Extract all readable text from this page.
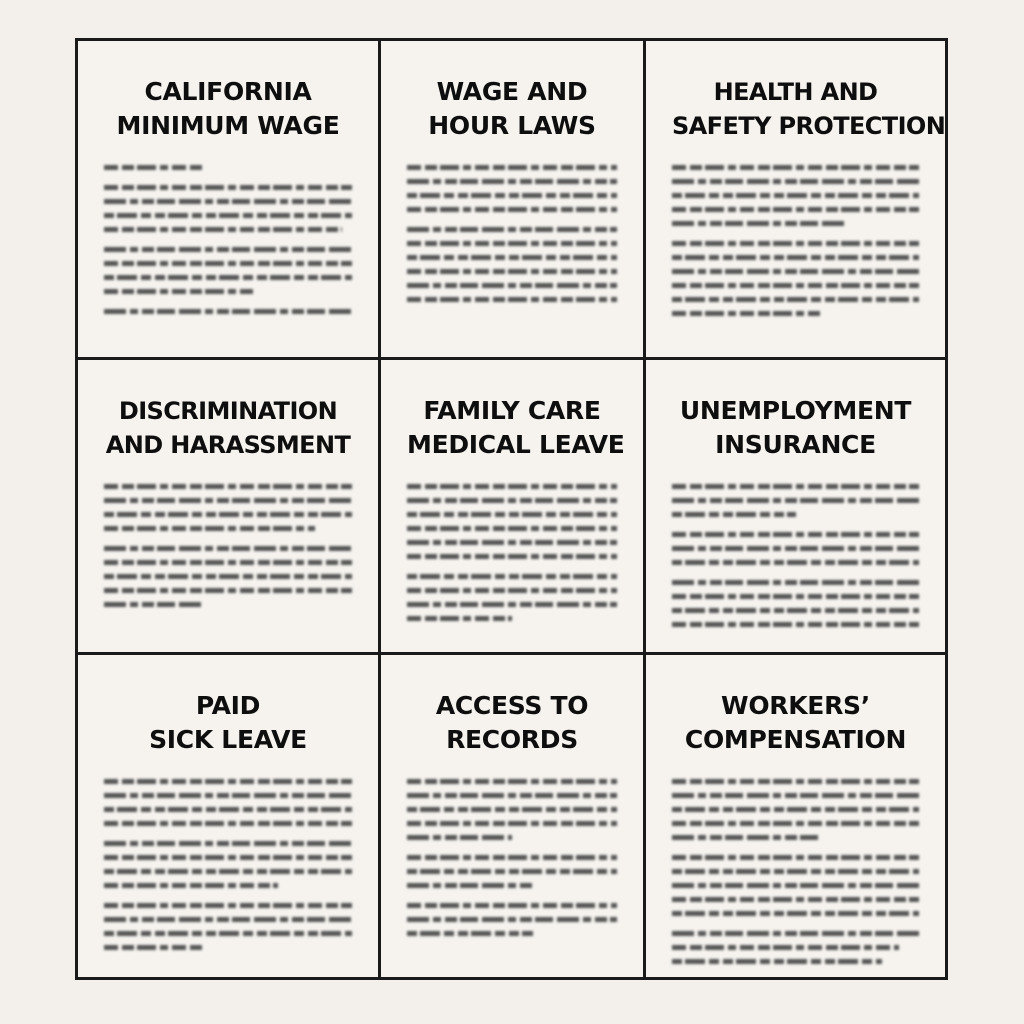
CALIFORNIA
MINIMUM WAGE
WAGE AND
HOUR LAWS
HEALTH AND
SAFETY PROTECTION
DISCRIMINATION
AND HARASSMENT
FAMILY CARE
MEDICAL LEAVE
UNEMPLOYMENT
INSURANCE
PAID
SICK LEAVE
ACCESS TO
RECORDS
WORKERS’
COMPENSATION
